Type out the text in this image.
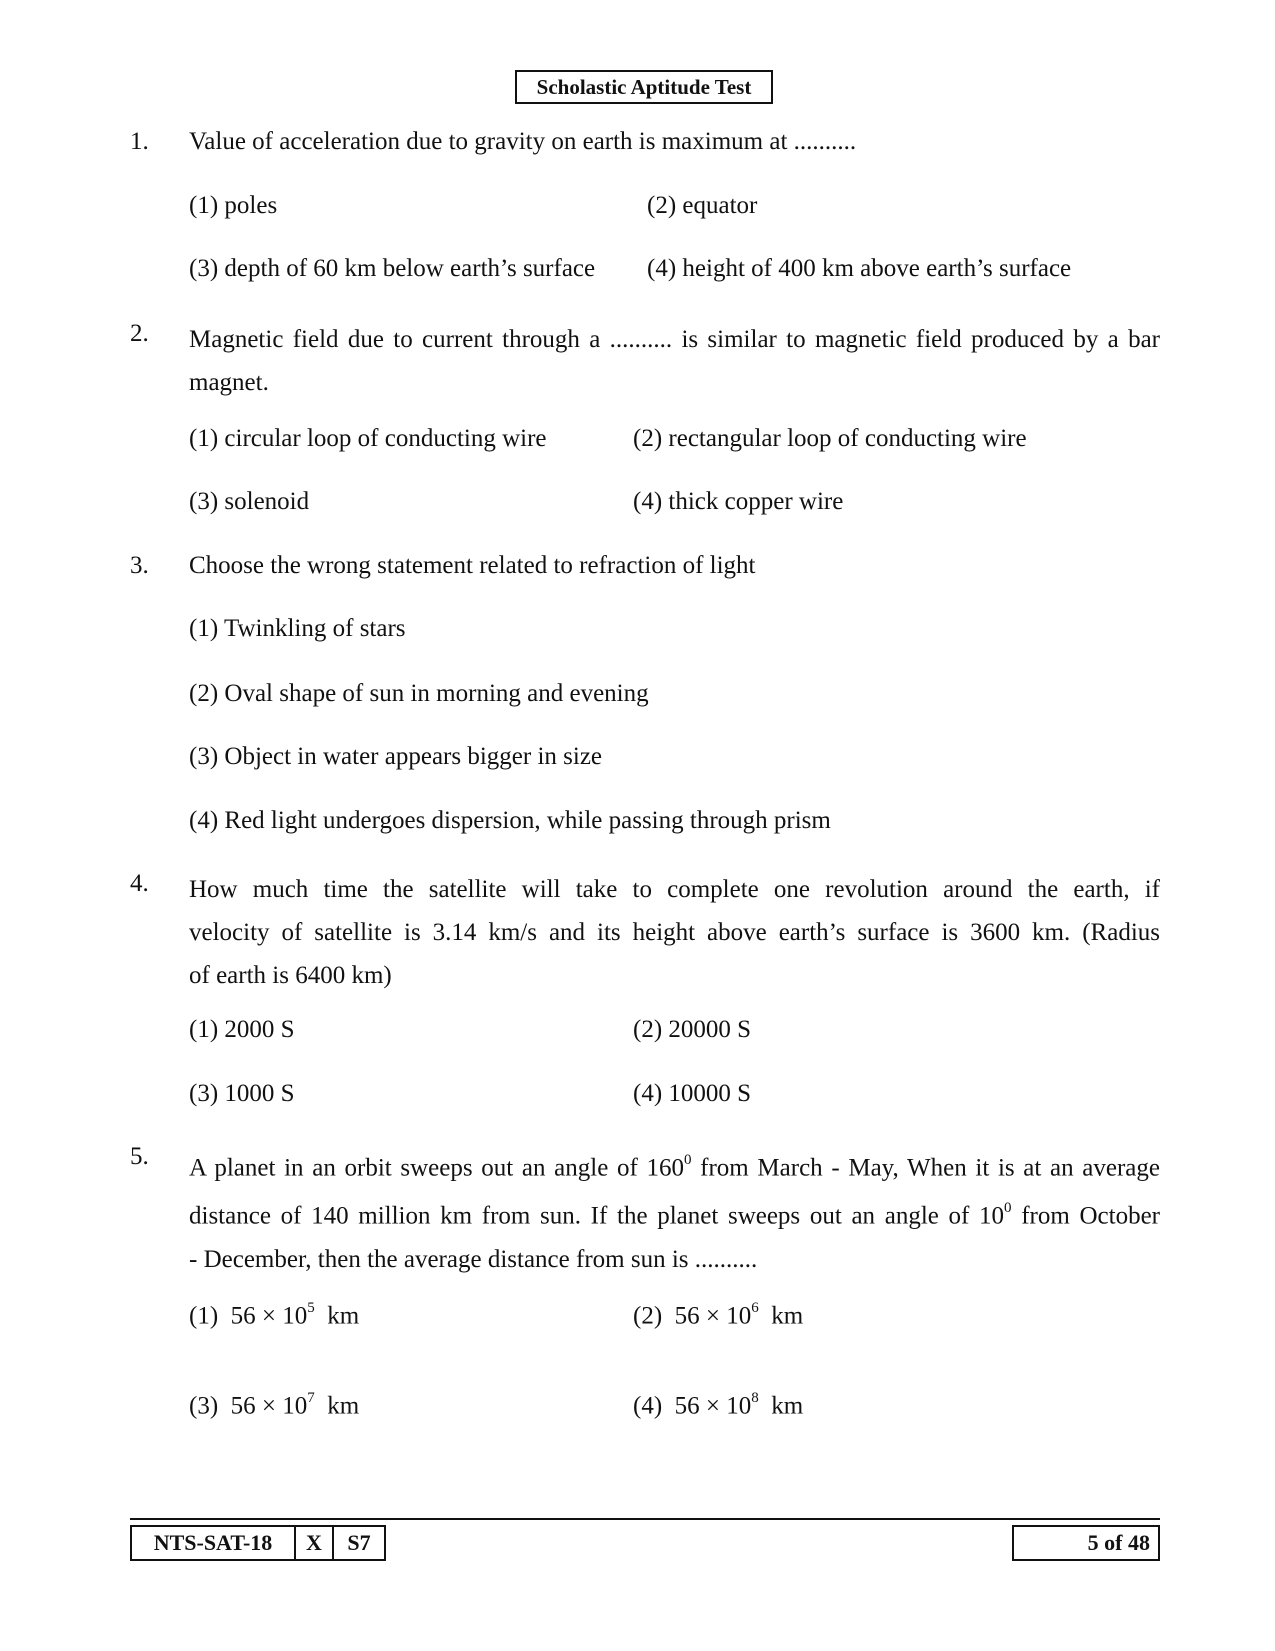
Scholastic Aptitude Test
1. Value of acceleration due to gravity on earth is maximum at ..........
(1) poles	(2) equator
(3) depth of 60 km below earth’s surface (4) height of 400 km above earth’s surface
2. Magnetic field due to current through a .......... is similar to magnetic field produced by a bar
magnet.
(1) circular loop of conducting wire	(2) rectangular loop of conducting wire
(3) solenoid	(4) thick copper wire
3. Choose the wrong statement related to refraction of light
(1) Twinkling of stars
(2) Oval shape of sun in morning and evening
(3) Object in water appears bigger in size
(4) Red light undergoes dispersion, while passing through prism
4. How much time the satellite will take to complete one revolution around the earth, if
velocity of satellite is 3.14 km/s and its height above earth’s surface is 3600 km. (Radius
of earth is 6400 km)
(1) 2000 S	(2) 20000 S
(3) 1000 S	(4) 10000 S
5. A planet in an orbit sweeps out an angle of $160^0$ from March - May, When it is at an average
distance of 140 million km from sun. If the planet sweeps out an angle of $10^0$ from October
- December, then the average distance from sun is ..........
(1) $56 \times 10^5$ km	(2) $56 \times 10^6$ km
(3) $56 \times 10^7$ km	(4) $56 \times 10^8$ km
NTS-SAT-18	X	S7	5 of 48
